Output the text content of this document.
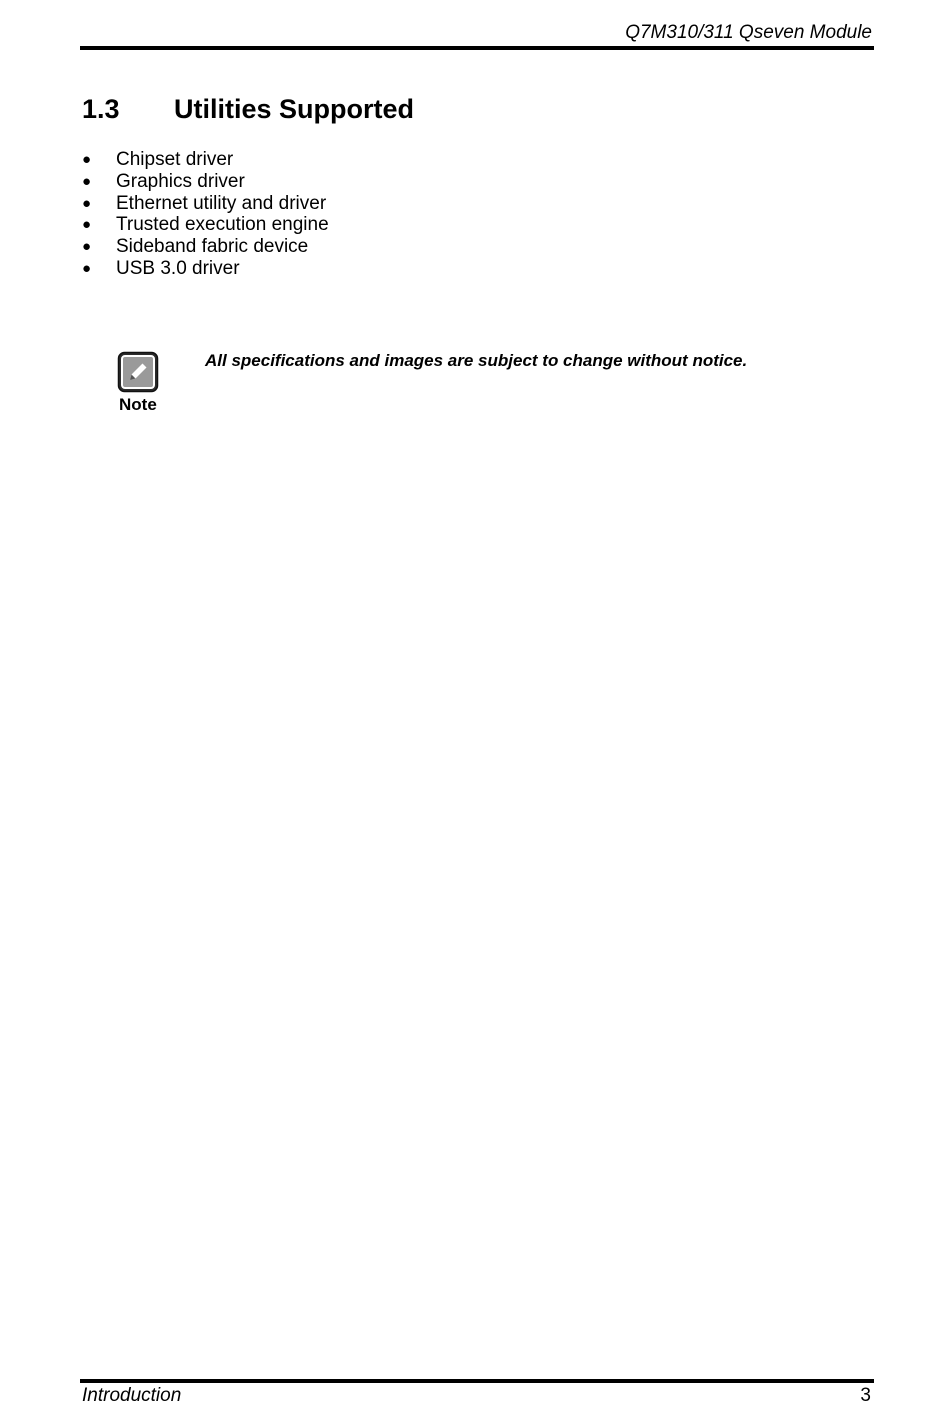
Q7M310/311 Qseven Module
1.3 Utilities Supported
● Chipset driver
● Graphics driver
● Ethernet utility and driver
● Trusted execution engine
● Sideband fabric device
● USB 3.0 driver
Note
All specifications and images are subject to change without notice.
Introduction	3
